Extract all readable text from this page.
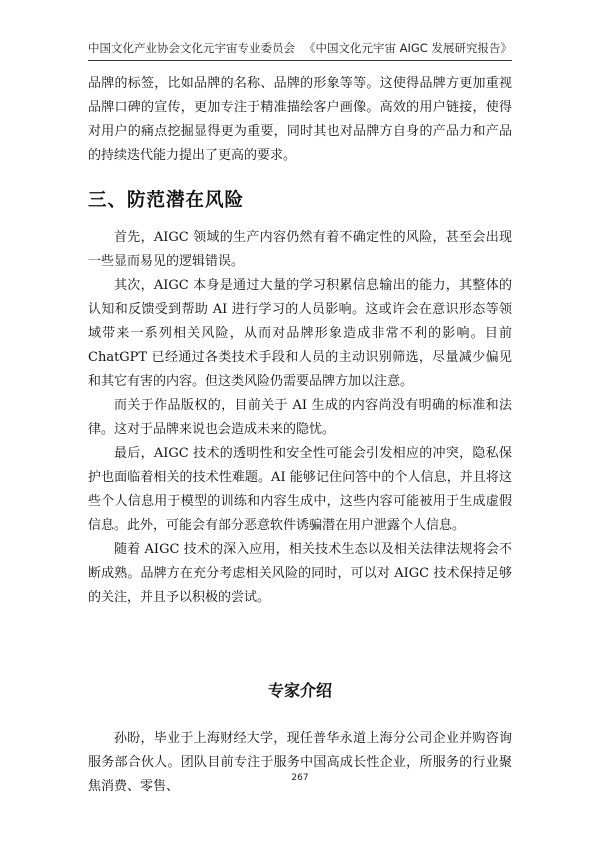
中国文化产业协会文化元宇宙专业委员会 《中国文化元宇宙 AIGC 发展研究报告》

品牌的标签，比如品牌的名称、品牌的形象等等。这使得品牌方更加重视品牌口碑的宣传，更加专注于精准描绘客户画像。高效的用户链接，使得对用户的痛点挖掘显得更为重要，同时其也对品牌方自身的产品力和产品的持续迭代能力提出了更高的要求。

三、防范潜在风险

首先，AIGC 领域的生产内容仍然有着不确定性的风险，甚至会出现一些显而易见的逻辑错误。

其次，AIGC 本身是通过大量的学习积累信息输出的能力，其整体的认知和反馈受到帮助 AI 进行学习的人员影响。这或许会在意识形态等领域带来一系列相关风险，从而对品牌形象造成非常不利的影响。目前 ChatGPT 已经通过各类技术手段和人员的主动识别筛选，尽量减少偏见和其它有害的内容。但这类风险仍需要品牌方加以注意。

而关于作品版权的，目前关于 AI 生成的内容尚没有明确的标准和法律。这对于品牌来说也会造成未来的隐忧。

最后，AIGC 技术的透明性和安全性可能会引发相应的冲突，隐私保护也面临着相关的技术性难题。AI 能够记住问答中的个人信息，并且将这些个人信息用于模型的训练和内容生成中，这些内容可能被用于生成虚假信息。此外，可能会有部分恶意软件诱骗潜在用户泄露个人信息。

随着 AIGC 技术的深入应用，相关技术生态以及相关法律法规将会不断成熟。品牌方在充分考虑相关风险的同时，可以对 AIGC 技术保持足够的关注，并且予以积极的尝试。

专家介绍

孙盼，毕业于上海财经大学，现任普华永道上海分公司企业并购咨询服务部合伙人。团队目前专注于服务中国高成长性企业，所服务的行业聚焦消费、零售、

267
